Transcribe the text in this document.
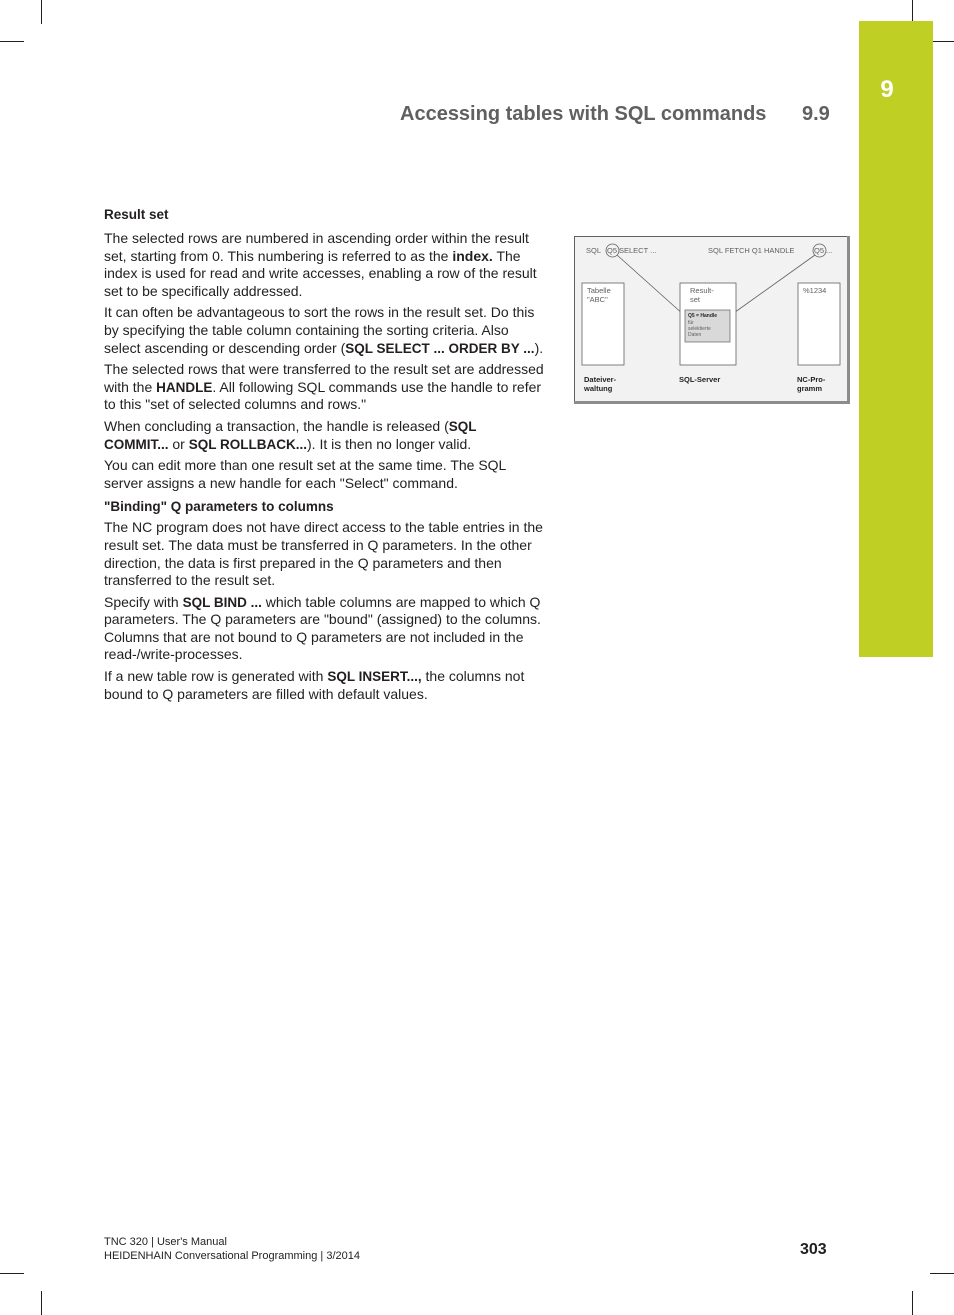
9
Accessing tables with SQL commands 9.9
Result set

The selected rows are numbered in ascending order within the result set, starting from 0. This numbering is referred to as the index. The index is used for read and write accesses, enabling a row of the result set to be specifically addressed.

It can often be advantageous to sort the rows in the result set. Do this by specifying the table column containing the sorting criteria. Also select ascending or descending order (SQL SELECT ... ORDER BY ...).

The selected rows that were transferred to the result set are addressed with the HANDLE. All following SQL commands use the handle to refer to this "set of selected columns and rows."

When concluding a transaction, the handle is released (SQL COMMIT... or SQL ROLLBACK...). It is then no longer valid.

You can edit more than one result set at the same time. The SQL server assigns a new handle for each "Select" command.

"Binding" Q parameters to columns

The NC program does not have direct access to the table entries in the result set. The data must be transferred in Q parameters. In the other direction, the data is first prepared in the Q parameters and then transferred to the result set.

Specify with SQL BIND ... which table columns are mapped to which Q parameters. The Q parameters are "bound" (assigned) to the columns. Columns that are not bound to Q parameters are not included in the read-/write-processes.

If a new table row is generated with SQL INSERT..., the columns not bound to Q parameters are filled with default values.

SQL Q5 SELECT ...	SQL FETCH Q1 HANDLE	Q5 ...
Tabelle
"ABC"
Result-
set
Q5 = Handle
für
selektierte
Daten
%1234
Dateiver-
waltung
SQL-Server	NC-Pro-
gramm
TNC 320 | User's Manual
HEIDENHAIN Conversational Programming | 3/2014	303
